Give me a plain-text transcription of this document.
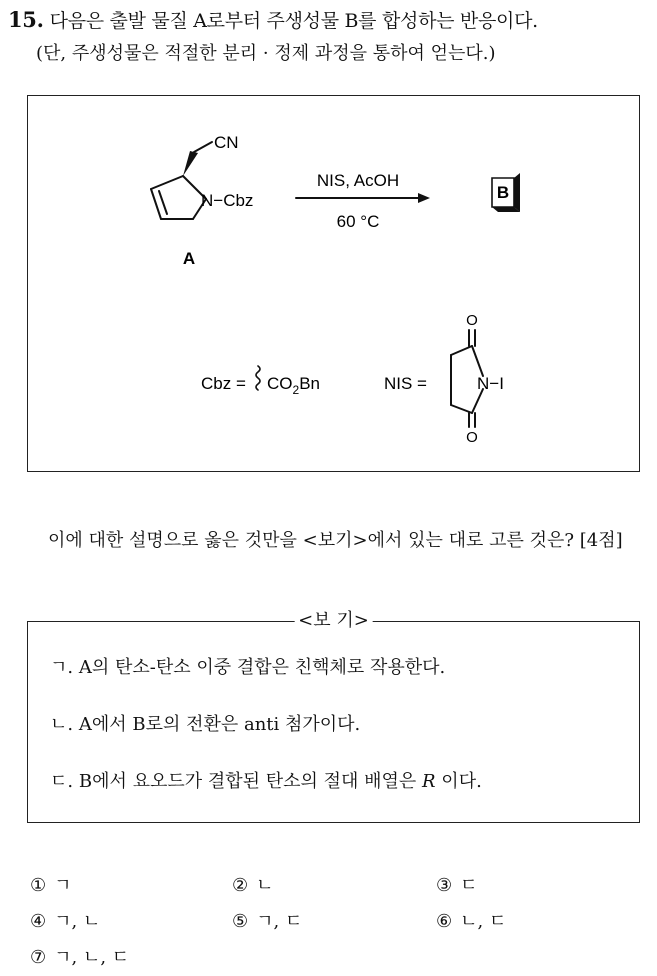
15. 다음은 출발 물질 A로부터 주생성물 B를 합성하는 반응이다.
(단, 주생성물은 적절한 분리 · 정제 과정을 통하여 얻는다.)
B
CN
N−Cbz
A
NIS, AcOH
60 °C
Cbz = $CO_2Bn$	NIS =
O
O
N−I
이에 대한 설명으로 옳은 것만을 <보기>에서 있는 대로 고른 것은? [4점]
<보 기>
ㄱ. A의 탄소-탄소 이중 결합은 친핵체로 작용한다.
ㄴ. A에서 B로의 전환은 anti 첨가이다.
ㄷ. B에서 요오드가 결합된 탄소의 절대 배열은 R 이다.
① ㄱ	② ㄴ	③ ㄷ
④ ㄱ, ㄴ	⑤ ㄱ, ㄷ	⑥ ㄴ, ㄷ
⑦ ㄱ, ㄴ, ㄷ
